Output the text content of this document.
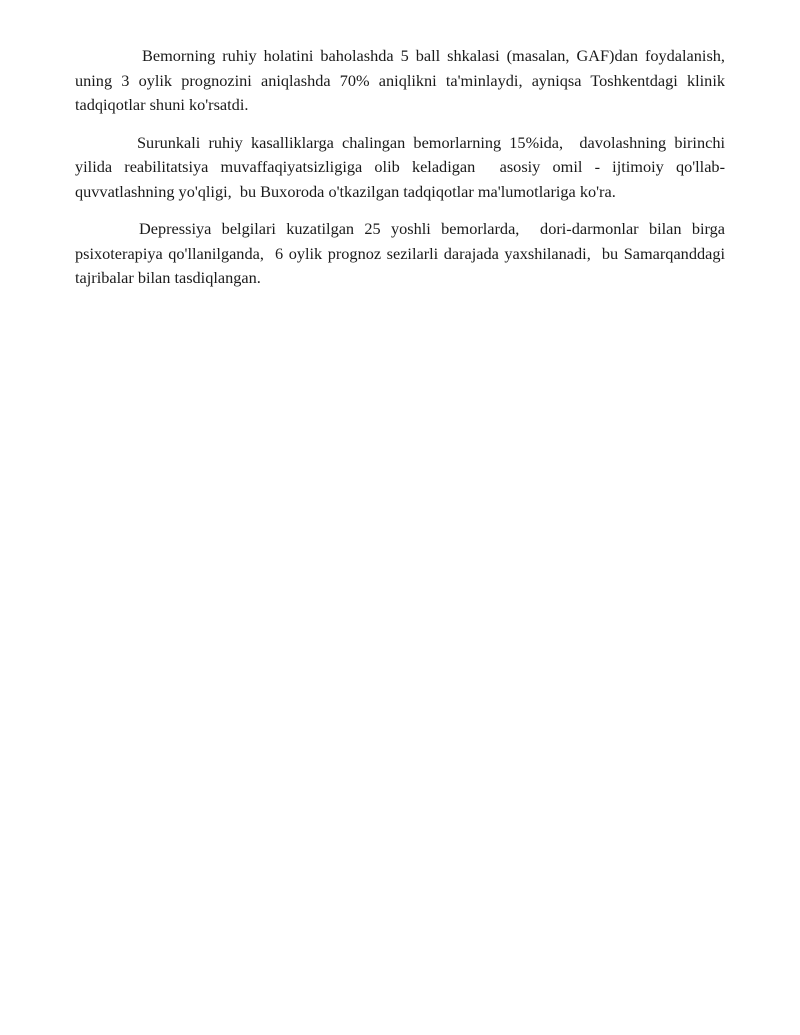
Bemorning ruhiy holatini baholashda 5 ball shkalasi (masalan, GAF)dan foydalanish, uning 3 oylik prognozini aniqlashda 70% aniqlikni ta'minlaydi, ayniqsa Toshkentdagi klinik tadqiqotlar shuni ko'rsatdi.

Surunkali ruhiy kasalliklarga chalingan bemorlarning 15%ida,  davolashning birinchi yilida reabilitatsiya muvaffaqiyatsizligiga olib keladigan  asosiy omil - ijtimoiy qo'llab-quvvatlashning yo'qligi,  bu Buxoroda o'tkazilgan tadqiqotlar ma'lumotlariga ko'ra.

Depressiya belgilari kuzatilgan 25 yoshli bemorlarda,  dori-darmonlar bilan birga psixoterapiya qo'llanilganda,  6 oylik prognoz sezilarli darajada yaxshilanadi,  bu Samarqanddagi tajribalar bilan tasdiqlangan.
